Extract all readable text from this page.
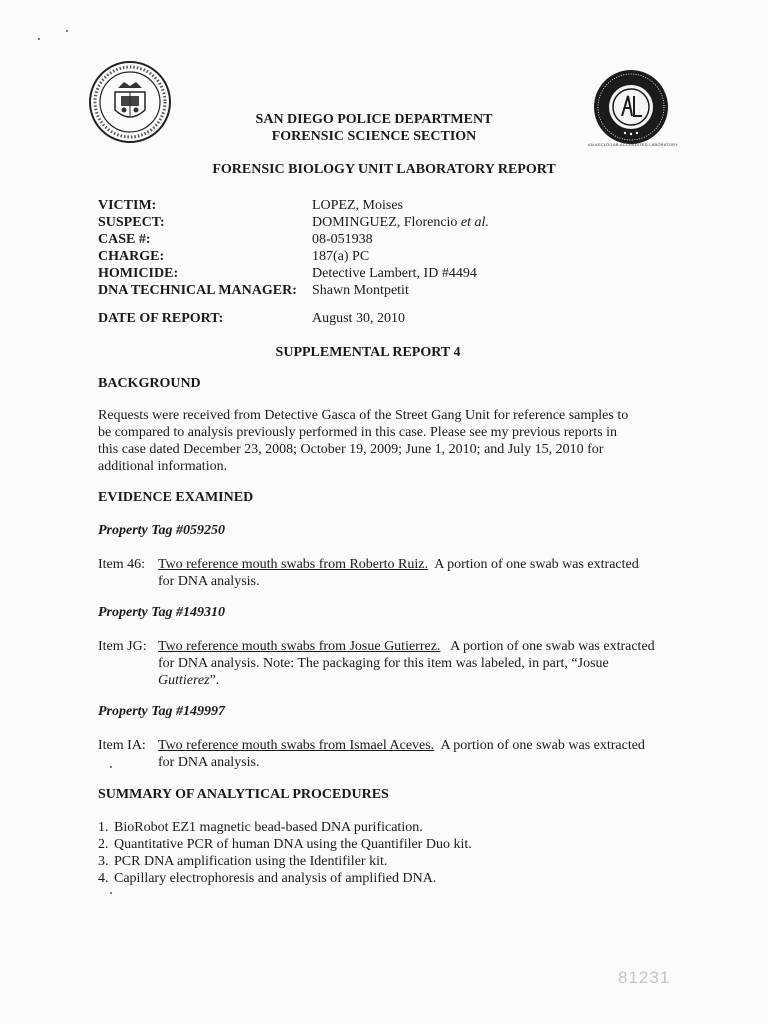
AN ASCLD/LAB ACCREDITED LABORATORY
SAN DIEGO POLICE DEPARTMENT
FORENSIC SCIENCE SECTION
FORENSIC BIOLOGY UNIT LABORATORY REPORT
VICTIM:	LOPEZ, Moises
SUSPECT:	DOMINGUEZ, Florencio et al.
CASE #:	08-051938
CHARGE:	187(a) PC
HOMICIDE:	Detective Lambert, ID #4494
DNA TECHNICAL MANAGER:	Shawn Montpetit
DATE OF REPORT:	August 30, 2010
SUPPLEMENTAL REPORT 4
BACKGROUND
Requests were received from Detective Gasca of the Street Gang Unit for reference samples to be compared to analysis previously performed in this case. Please see my previous reports in this case dated December 23, 2008; October 19, 2009; June 1, 2010; and July 15, 2010 for additional information.
EVIDENCE EXAMINED
Property Tag #059250
Item 46: Two reference mouth swabs from Roberto Ruiz. A portion of one swab was extracted for DNA analysis.
Property Tag #149310
Item JG: Two reference mouth swabs from Josue Gutierrez. A portion of one swab was extracted for DNA analysis. Note: The packaging for this item was labeled, in part, “Josue Guttierez”.
Property Tag #149997
Item IA: Two reference mouth swabs from Ismael Aceves. A portion of one swab was extracted for DNA analysis.
SUMMARY OF ANALYTICAL PROCEDURES
1. BioRobot EZ1 magnetic bead-based DNA purification.
2. Quantitative PCR of human DNA using the Quantifiler Duo kit.
3. PCR DNA amplification using the Identifiler kit.
4. Capillary electrophoresis and analysis of amplified DNA.
81231
